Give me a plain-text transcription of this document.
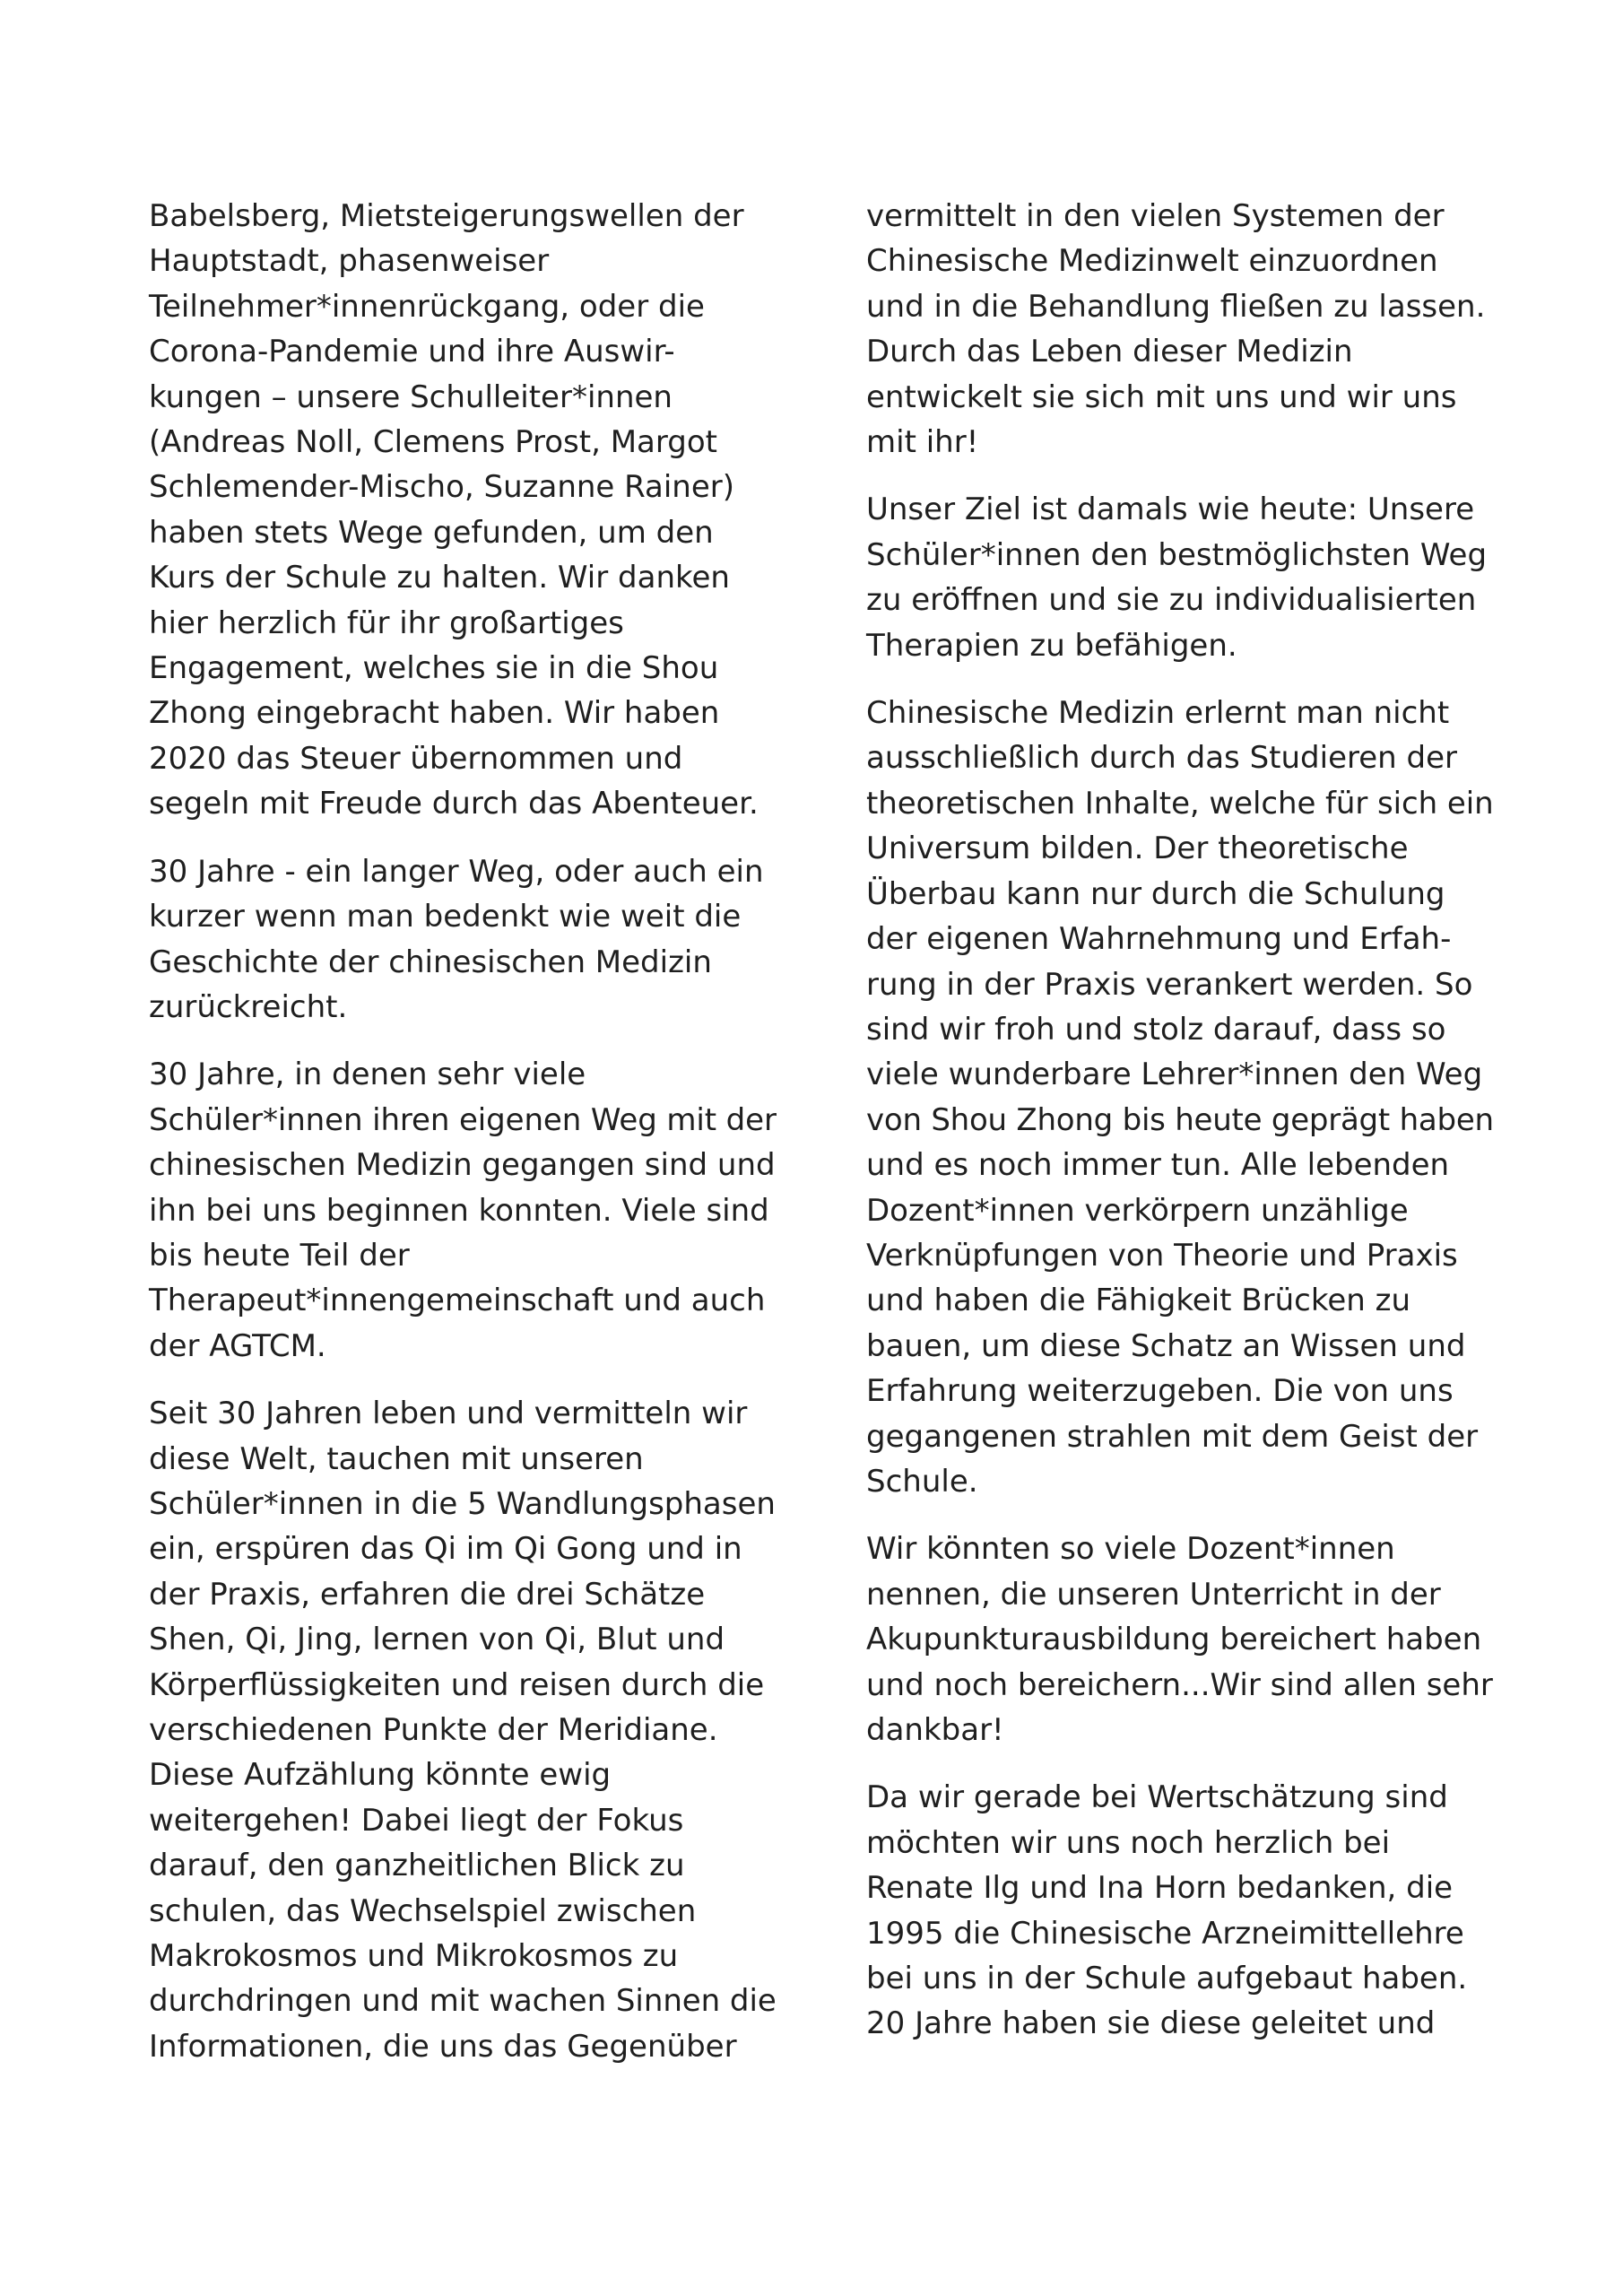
Babelsberg, Mietsteigerungswellen der
Hauptstadt, phasenweiser
Teilnehmer*innenrückgang, oder die
Corona-Pandemie und ihre Auswir-
kungen – unsere Schulleiter*innen
(Andreas Noll, Clemens Prost, Margot
Schlemender-Mischo, Suzanne Rainer)
haben stets Wege gefunden, um den
Kurs der Schule zu halten. Wir danken
hier herzlich für ihr großartiges
Engagement, welches sie in die Shou
Zhong eingebracht haben. Wir haben
2020 das Steuer übernommen und
segeln mit Freude durch das Abenteuer.
30 Jahre - ein langer Weg, oder auch ein
kurzer wenn man bedenkt wie weit die
Geschichte der chinesischen Medizin
zurückreicht.
30 Jahre, in denen sehr viele
Schüler*innen ihren eigenen Weg mit der
chinesischen Medizin gegangen sind und
ihn bei uns beginnen konnten. Viele sind
bis heute Teil der
Therapeut*innengemeinschaft und auch
der AGTCM.
Seit 30 Jahren leben und vermitteln wir
diese Welt, tauchen mit unseren
Schüler*innen in die 5 Wandlungsphasen
ein, erspüren das Qi im Qi Gong und in
der Praxis, erfahren die drei Schätze
Shen, Qi, Jing, lernen von Qi, Blut und
Körperflüssigkeiten und reisen durch die
verschiedenen Punkte der Meridiane.
Diese Aufzählung könnte ewig
weitergehen! Dabei liegt der Fokus
darauf, den ganzheitlichen Blick zu
schulen, das Wechselspiel zwischen
Makrokosmos und Mikrokosmos zu
durchdringen und mit wachen Sinnen die
Informationen, die uns das Gegenüber
vermittelt in den vielen Systemen der
Chinesische Medizinwelt einzuordnen
und in die Behandlung fließen zu lassen.
Durch das Leben dieser Medizin
entwickelt sie sich mit uns und wir uns
mit ihr!
Unser Ziel ist damals wie heute: Unsere
Schüler*innen den bestmöglichsten Weg
zu eröffnen und sie zu individualisierten
Therapien zu befähigen.
Chinesische Medizin erlernt man nicht
ausschließlich durch das Studieren der
theoretischen Inhalte, welche für sich ein
Universum bilden. Der theoretische
Überbau kann nur durch die Schulung
der eigenen Wahrnehmung und Erfah-
rung in der Praxis verankert werden. So
sind wir froh und stolz darauf, dass so
viele wunderbare Lehrer*innen den Weg
von Shou Zhong bis heute geprägt haben
und es noch immer tun. Alle lebenden
Dozent*innen verkörpern unzählige
Verknüpfungen von Theorie und Praxis
und haben die Fähigkeit Brücken zu
bauen, um diese Schatz an Wissen und
Erfahrung weiterzugeben. Die von uns
gegangenen strahlen mit dem Geist der
Schule.
Wir könnten so viele Dozent*innen
nennen, die unseren Unterricht in der
Akupunkturausbildung bereichert haben
und noch bereichern...Wir sind allen sehr
dankbar!
Da wir gerade bei Wertschätzung sind
möchten wir uns noch herzlich bei
Renate Ilg und Ina Horn bedanken, die
1995 die Chinesische Arzneimittellehre
bei uns in der Schule aufgebaut haben.
20 Jahre haben sie diese geleitet und
